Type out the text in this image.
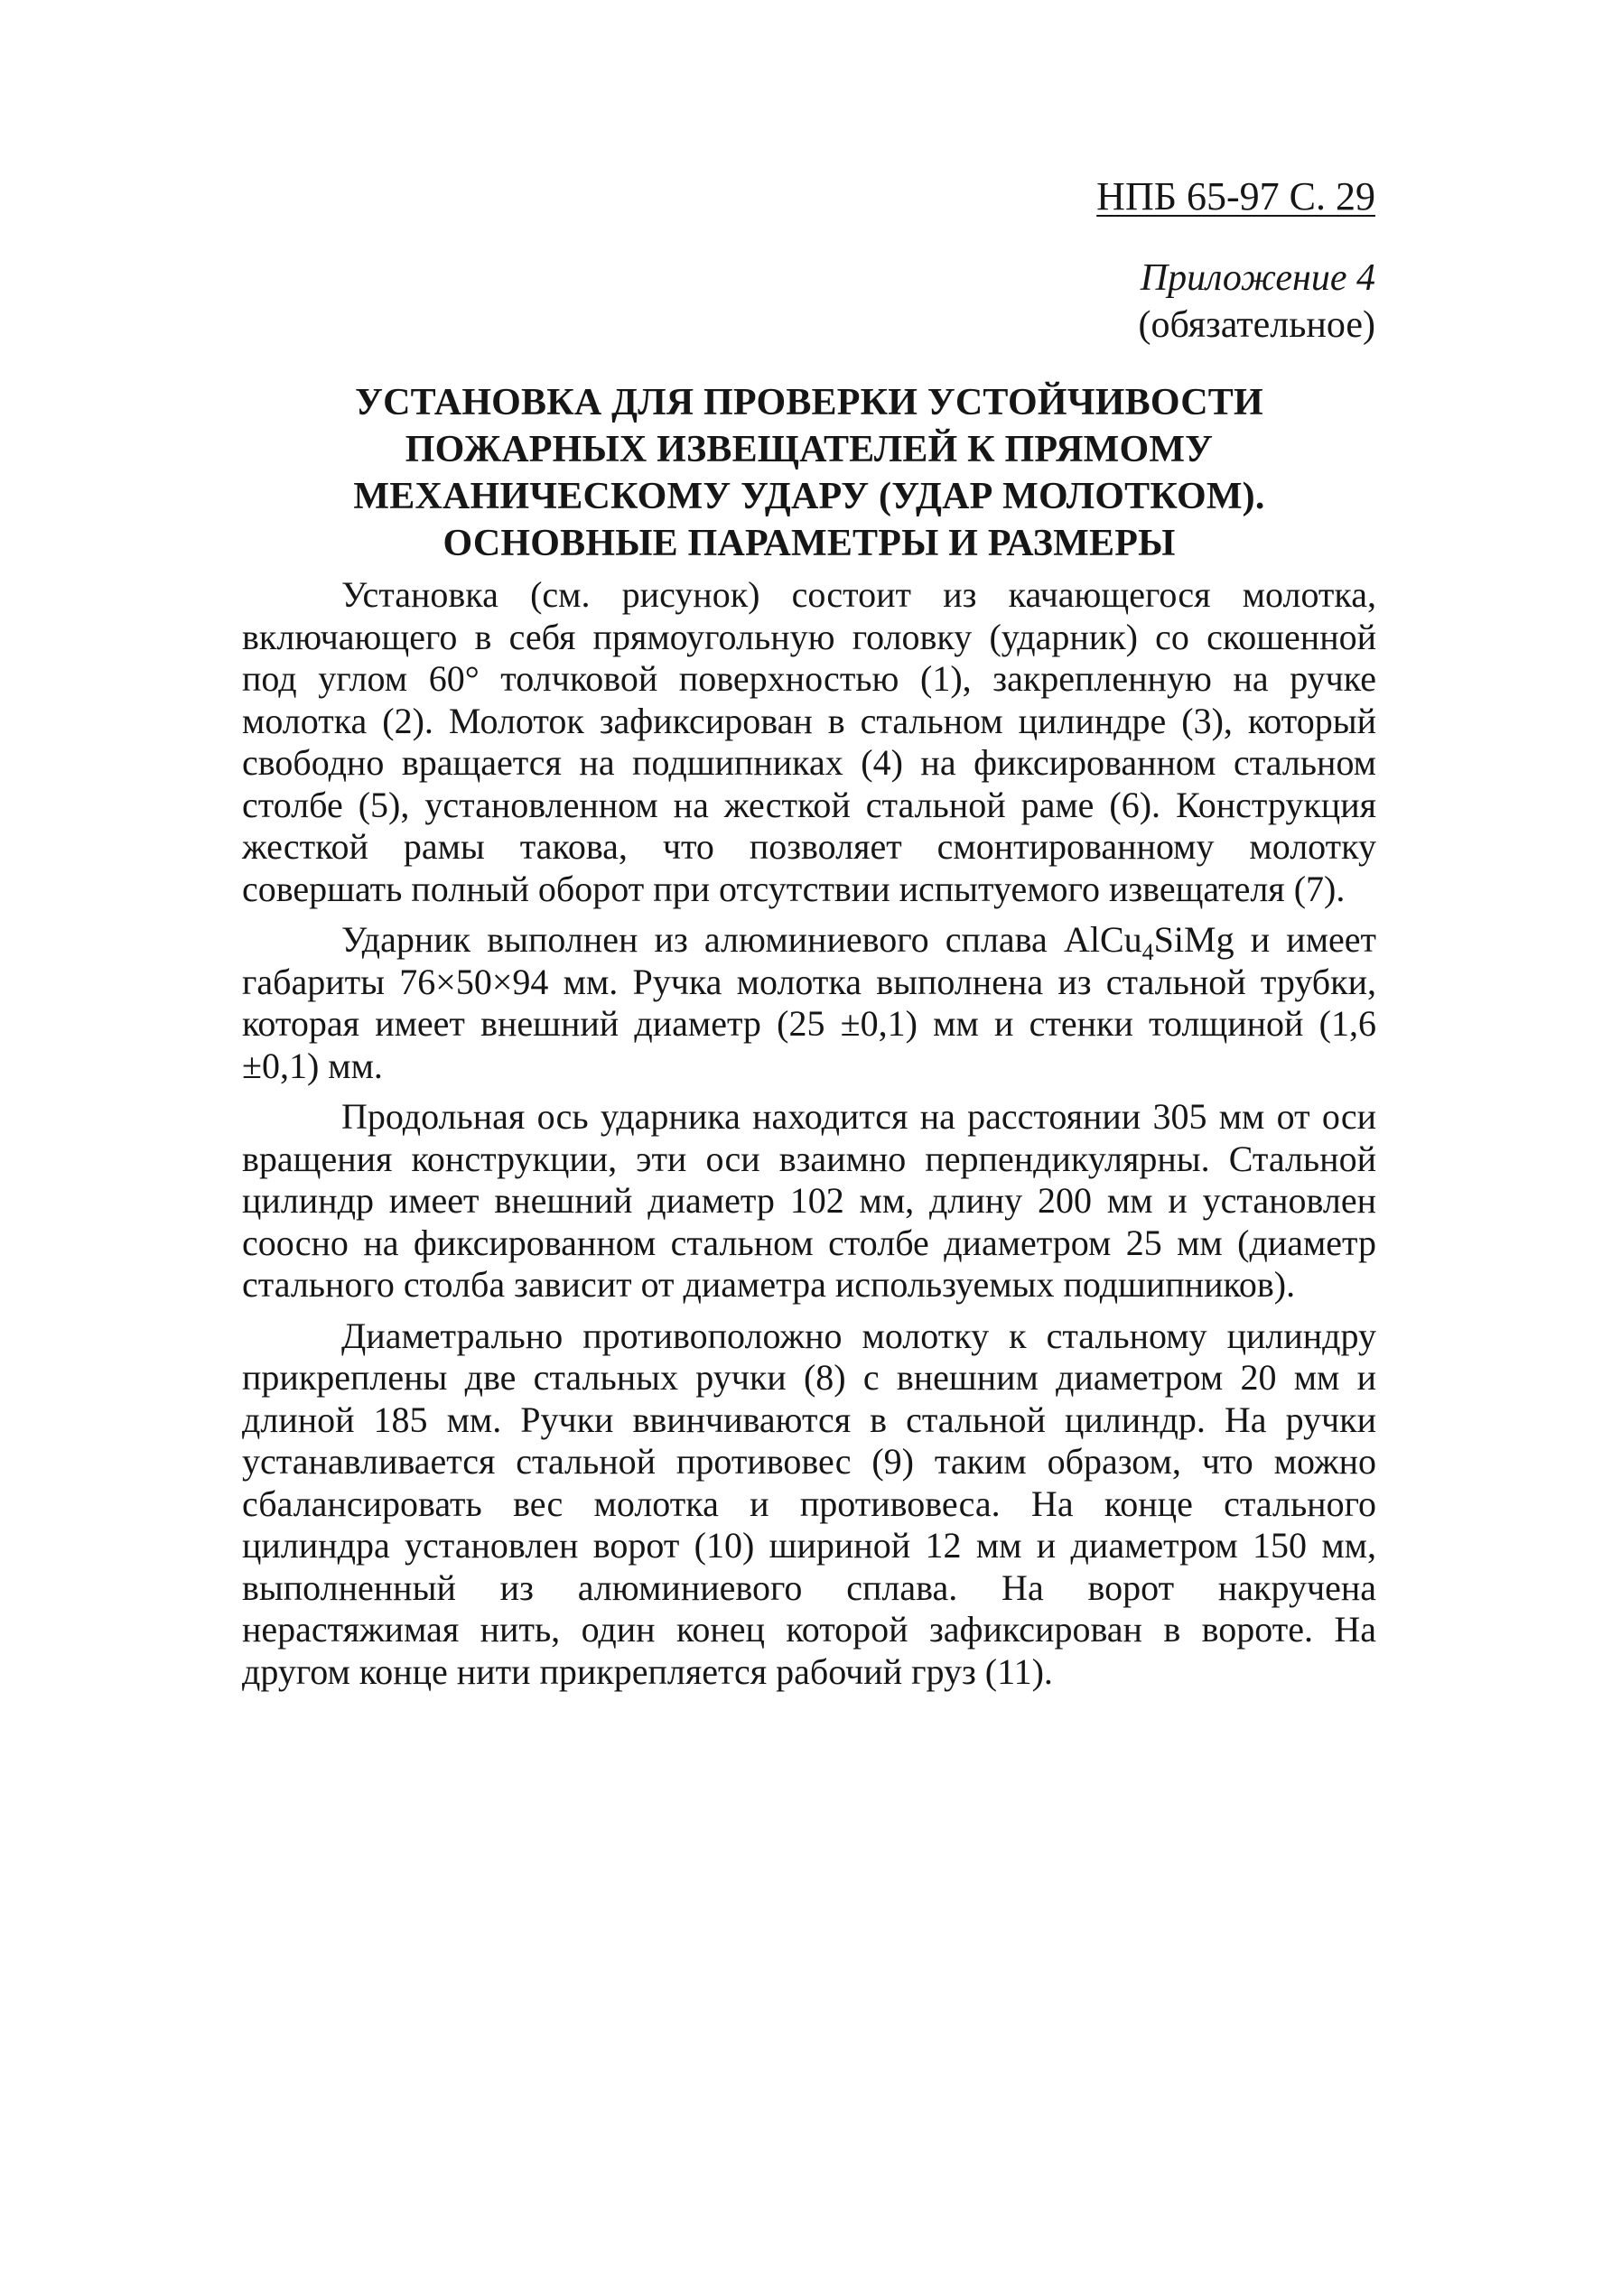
НПБ 65-97 С. 29
Приложение 4
(обязательное)
УСТАНОВКА ДЛЯ ПРОВЕРКИ УСТОЙЧИВОСТИ
ПОЖАРНЫХ ИЗВЕЩАТЕЛЕЙ К ПРЯМОМУ
МЕХАНИЧЕСКОМУ УДАРУ (УДАР МОЛОТКОМ).
ОСНОВНЫЕ ПАРАМЕТРЫ И РАЗМЕРЫ

Установка (см. рисунок) состоит из качающегося молотка, включающего в себя прямоугольную головку (ударник) со скошенной под углом 60° толчковой поверхностью (1), закрепленную на ручке молотка (2). Молоток зафиксирован в стальном цилиндре (3), который свободно вращается на подшипниках (4) на фиксированном стальном столбе (5), установленном на жесткой стальной раме (6). Конструкция жесткой рамы такова, что позволяет смонтированному молотку совершать полный оборот при отсутствии испытуемого извещателя (7).

Ударник выполнен из алюминиевого сплава AlCu$_4$SiMg и имеет габариты 76×50×94 мм. Ручка молотка выполнена из стальной трубки, которая имеет внешний диаметр (25 ±0,1) мм и стенки толщиной (1,6 ±0,1) мм.

Продольная ось ударника находится на расстоянии 305 мм от оси вращения конструкции, эти оси взаимно перпендикулярны. Стальной цилиндр имеет внешний диаметр 102 мм, длину 200 мм и установлен соосно на фиксированном стальном столбе диаметром 25 мм (диаметр стального столба зависит от диаметра используемых подшипников).

Диаметрально противоположно молотку к стальному цилиндру прикреплены две стальных ручки (8) с внешним диаметром 20 мм и длиной 185 мм. Ручки ввинчиваются в стальной цилиндр. На ручки устанавливается стальной противовес (9) таким образом, что можно сбалансировать вес молотка и противовеса. На конце стального цилиндра установлен ворот (10) шириной 12 мм и диаметром 150 мм, выполненный из алюминиевого сплава. На ворот накручена нерастяжимая нить, один конец которой зафиксирован в вороте. На другом конце нити прикрепляется рабочий груз (11).
